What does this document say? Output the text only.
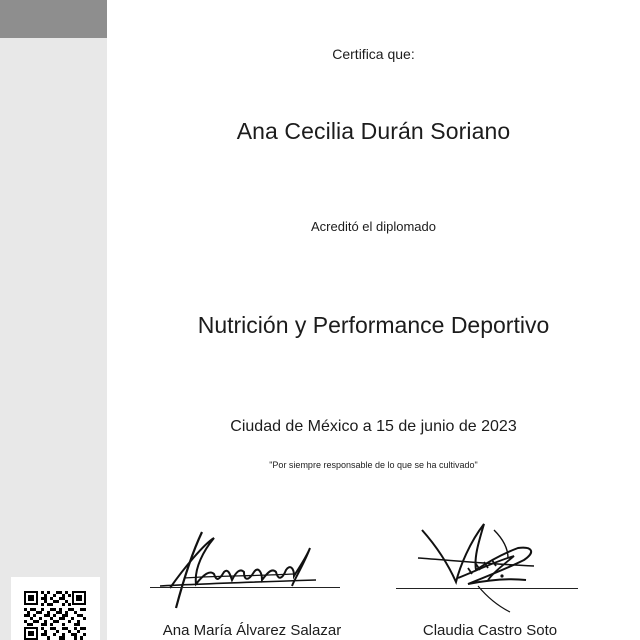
Certifica que:
Ana Cecilia Durán Soriano
Acreditó el diplomado
Nutrición y Performance Deportivo
Ciudad de México a 15 de junio de 2023
"Por siempre responsable de lo que se ha cultivado"
Ana María Álvarez Salazar	Claudia Castro Soto
